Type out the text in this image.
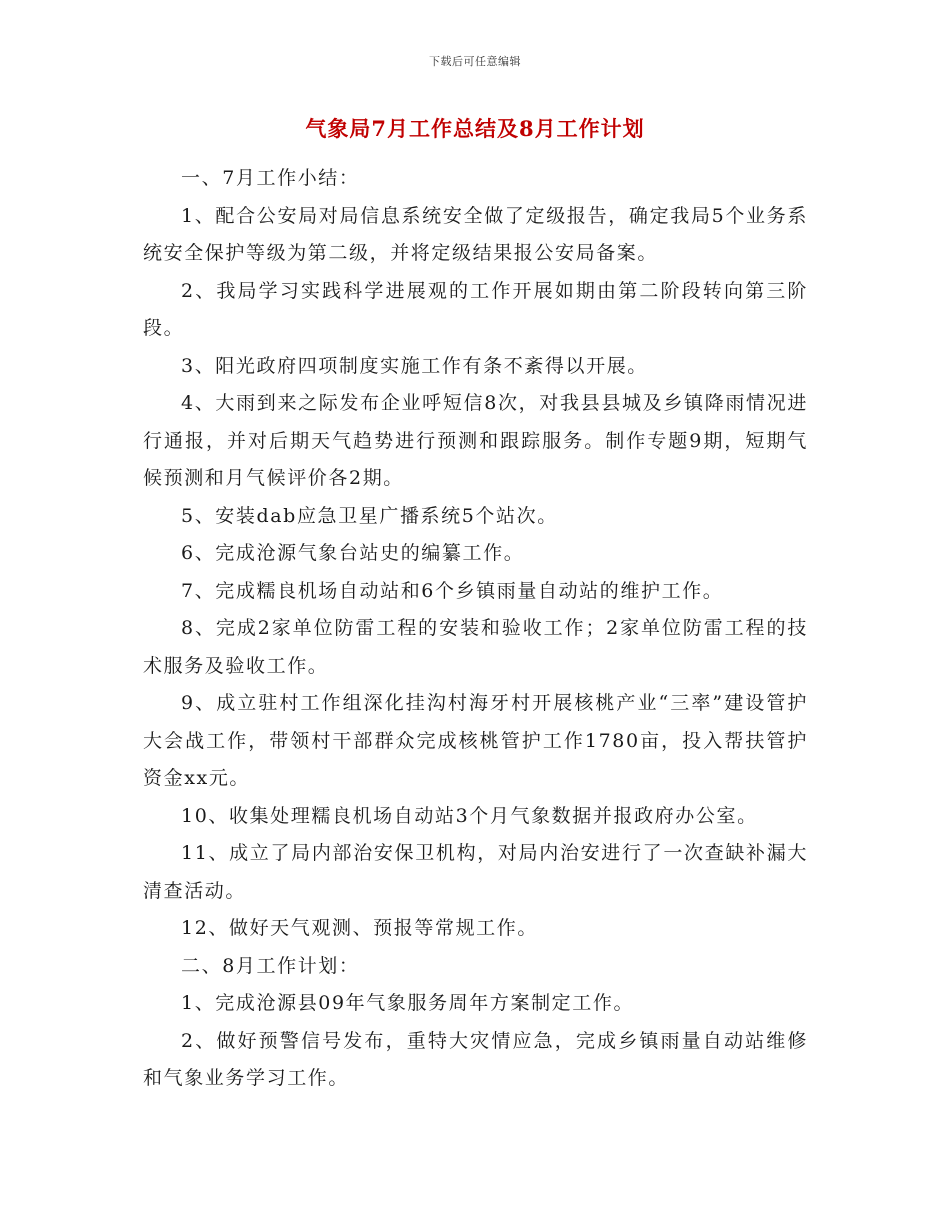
下载后可任意编辑
气象局7月工作总结及8月工作计划

一、7月工作小结：

1、配合公安局对局信息系统安全做了定级报告，确定我局5个业务系统安全保护等级为第二级，并将定级结果报公安局备案。

2、我局学习实践科学进展观的工作开展如期由第二阶段转向第三阶段。

3、阳光政府四项制度实施工作有条不紊得以开展。

4、大雨到来之际发布企业呼短信8次，对我县县城及乡镇降雨情况进行通报，并对后期天气趋势进行预测和跟踪服务。制作专题9期，短期气候预测和月气候评价各2期。

5、安装dab应急卫星广播系统5个站次。

6、完成沧源气象台站史的编纂工作。

7、完成糯良机场自动站和6个乡镇雨量自动站的维护工作。

8、完成2家单位防雷工程的安装和验收工作；2家单位防雷工程的技术服务及验收工作。

9、成立驻村工作组深化挂沟村海牙村开展核桃产业“三率”建设管护大会战工作，带领村干部群众完成核桃管护工作1780亩，投入帮扶管护资金xx元。

10、收集处理糯良机场自动站3个月气象数据并报政府办公室。

11、成立了局内部治安保卫机构，对局内治安进行了一次查缺补漏大清查活动。

12、做好天气观测、预报等常规工作。

二、8月工作计划：

1、完成沧源县09年气象服务周年方案制定工作。

2、做好预警信号发布，重特大灾情应急，完成乡镇雨量自动站维修和气象业务学习工作。
